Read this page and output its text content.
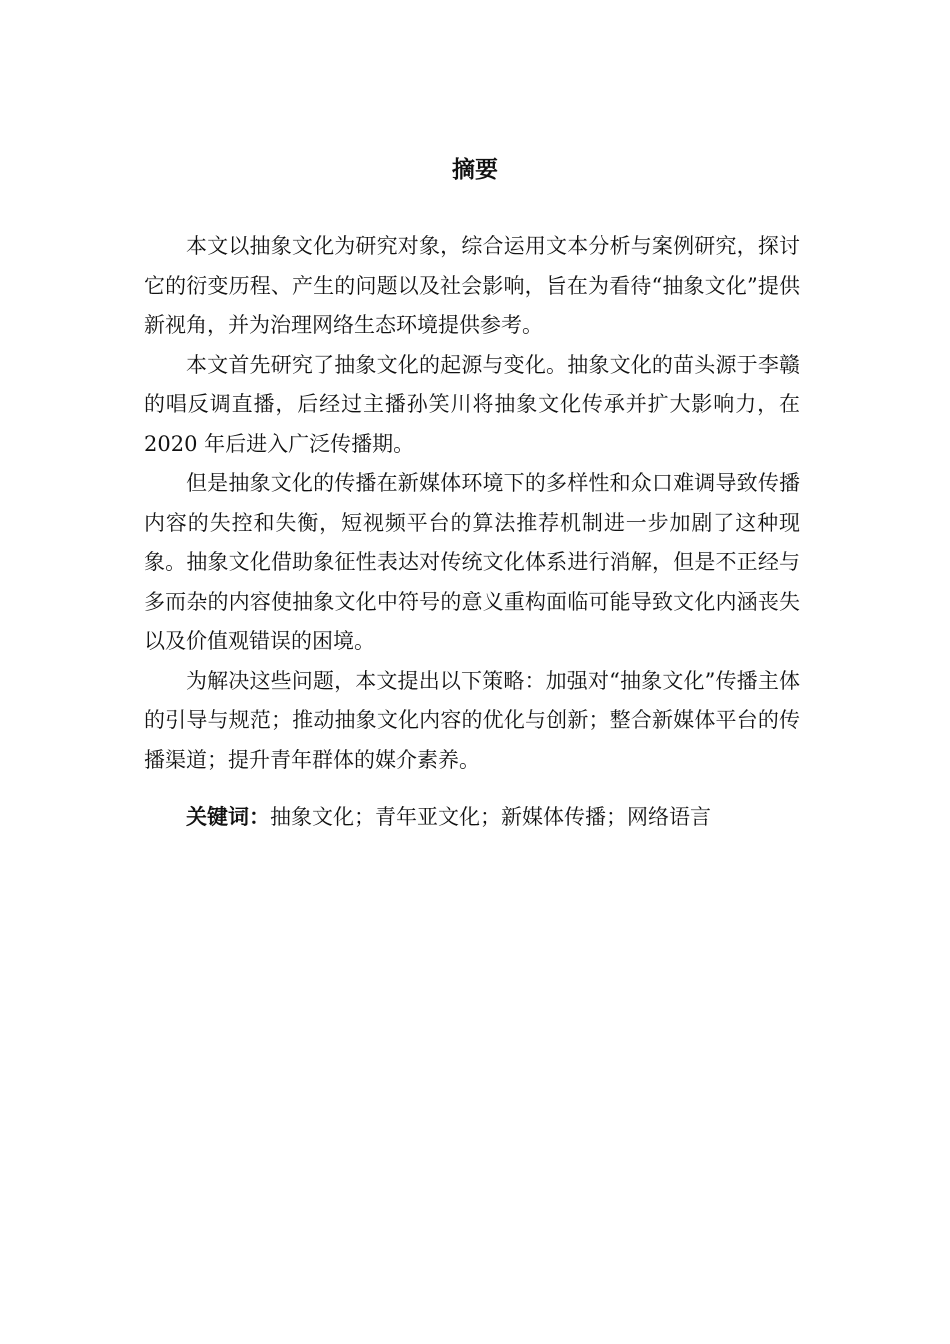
摘要

本文以抽象文化为研究对象，综合运用文本分析与案例研究，探讨它的衍变历程、产生的问题以及社会影响，旨在为看待“抽象文化”提供新视角，并为治理网络生态环境提供参考。

本文首先研究了抽象文化的起源与变化。抽象文化的苗头源于李赣的唱反调直播，后经过主播孙笑川将抽象文化传承并扩大影响力，在 2020 年后进入广泛传播期。

但是抽象文化的传播在新媒体环境下的多样性和众口难调导致传播内容的失控和失衡，短视频平台的算法推荐机制进一步加剧了这种现象。抽象文化借助象征性表达对传统文化体系进行消解，但是不正经与多而杂的内容使抽象文化中符号的意义重构面临可能导致文化内涵丧失以及价值观错误的困境。

为解决这些问题，本文提出以下策略：加强对“抽象文化”传播主体的引导与规范；推动抽象文化内容的优化与创新；整合新媒体平台的传播渠道；提升青年群体的媒介素养。

关键词：抽象文化；青年亚文化；新媒体传播；网络语言
